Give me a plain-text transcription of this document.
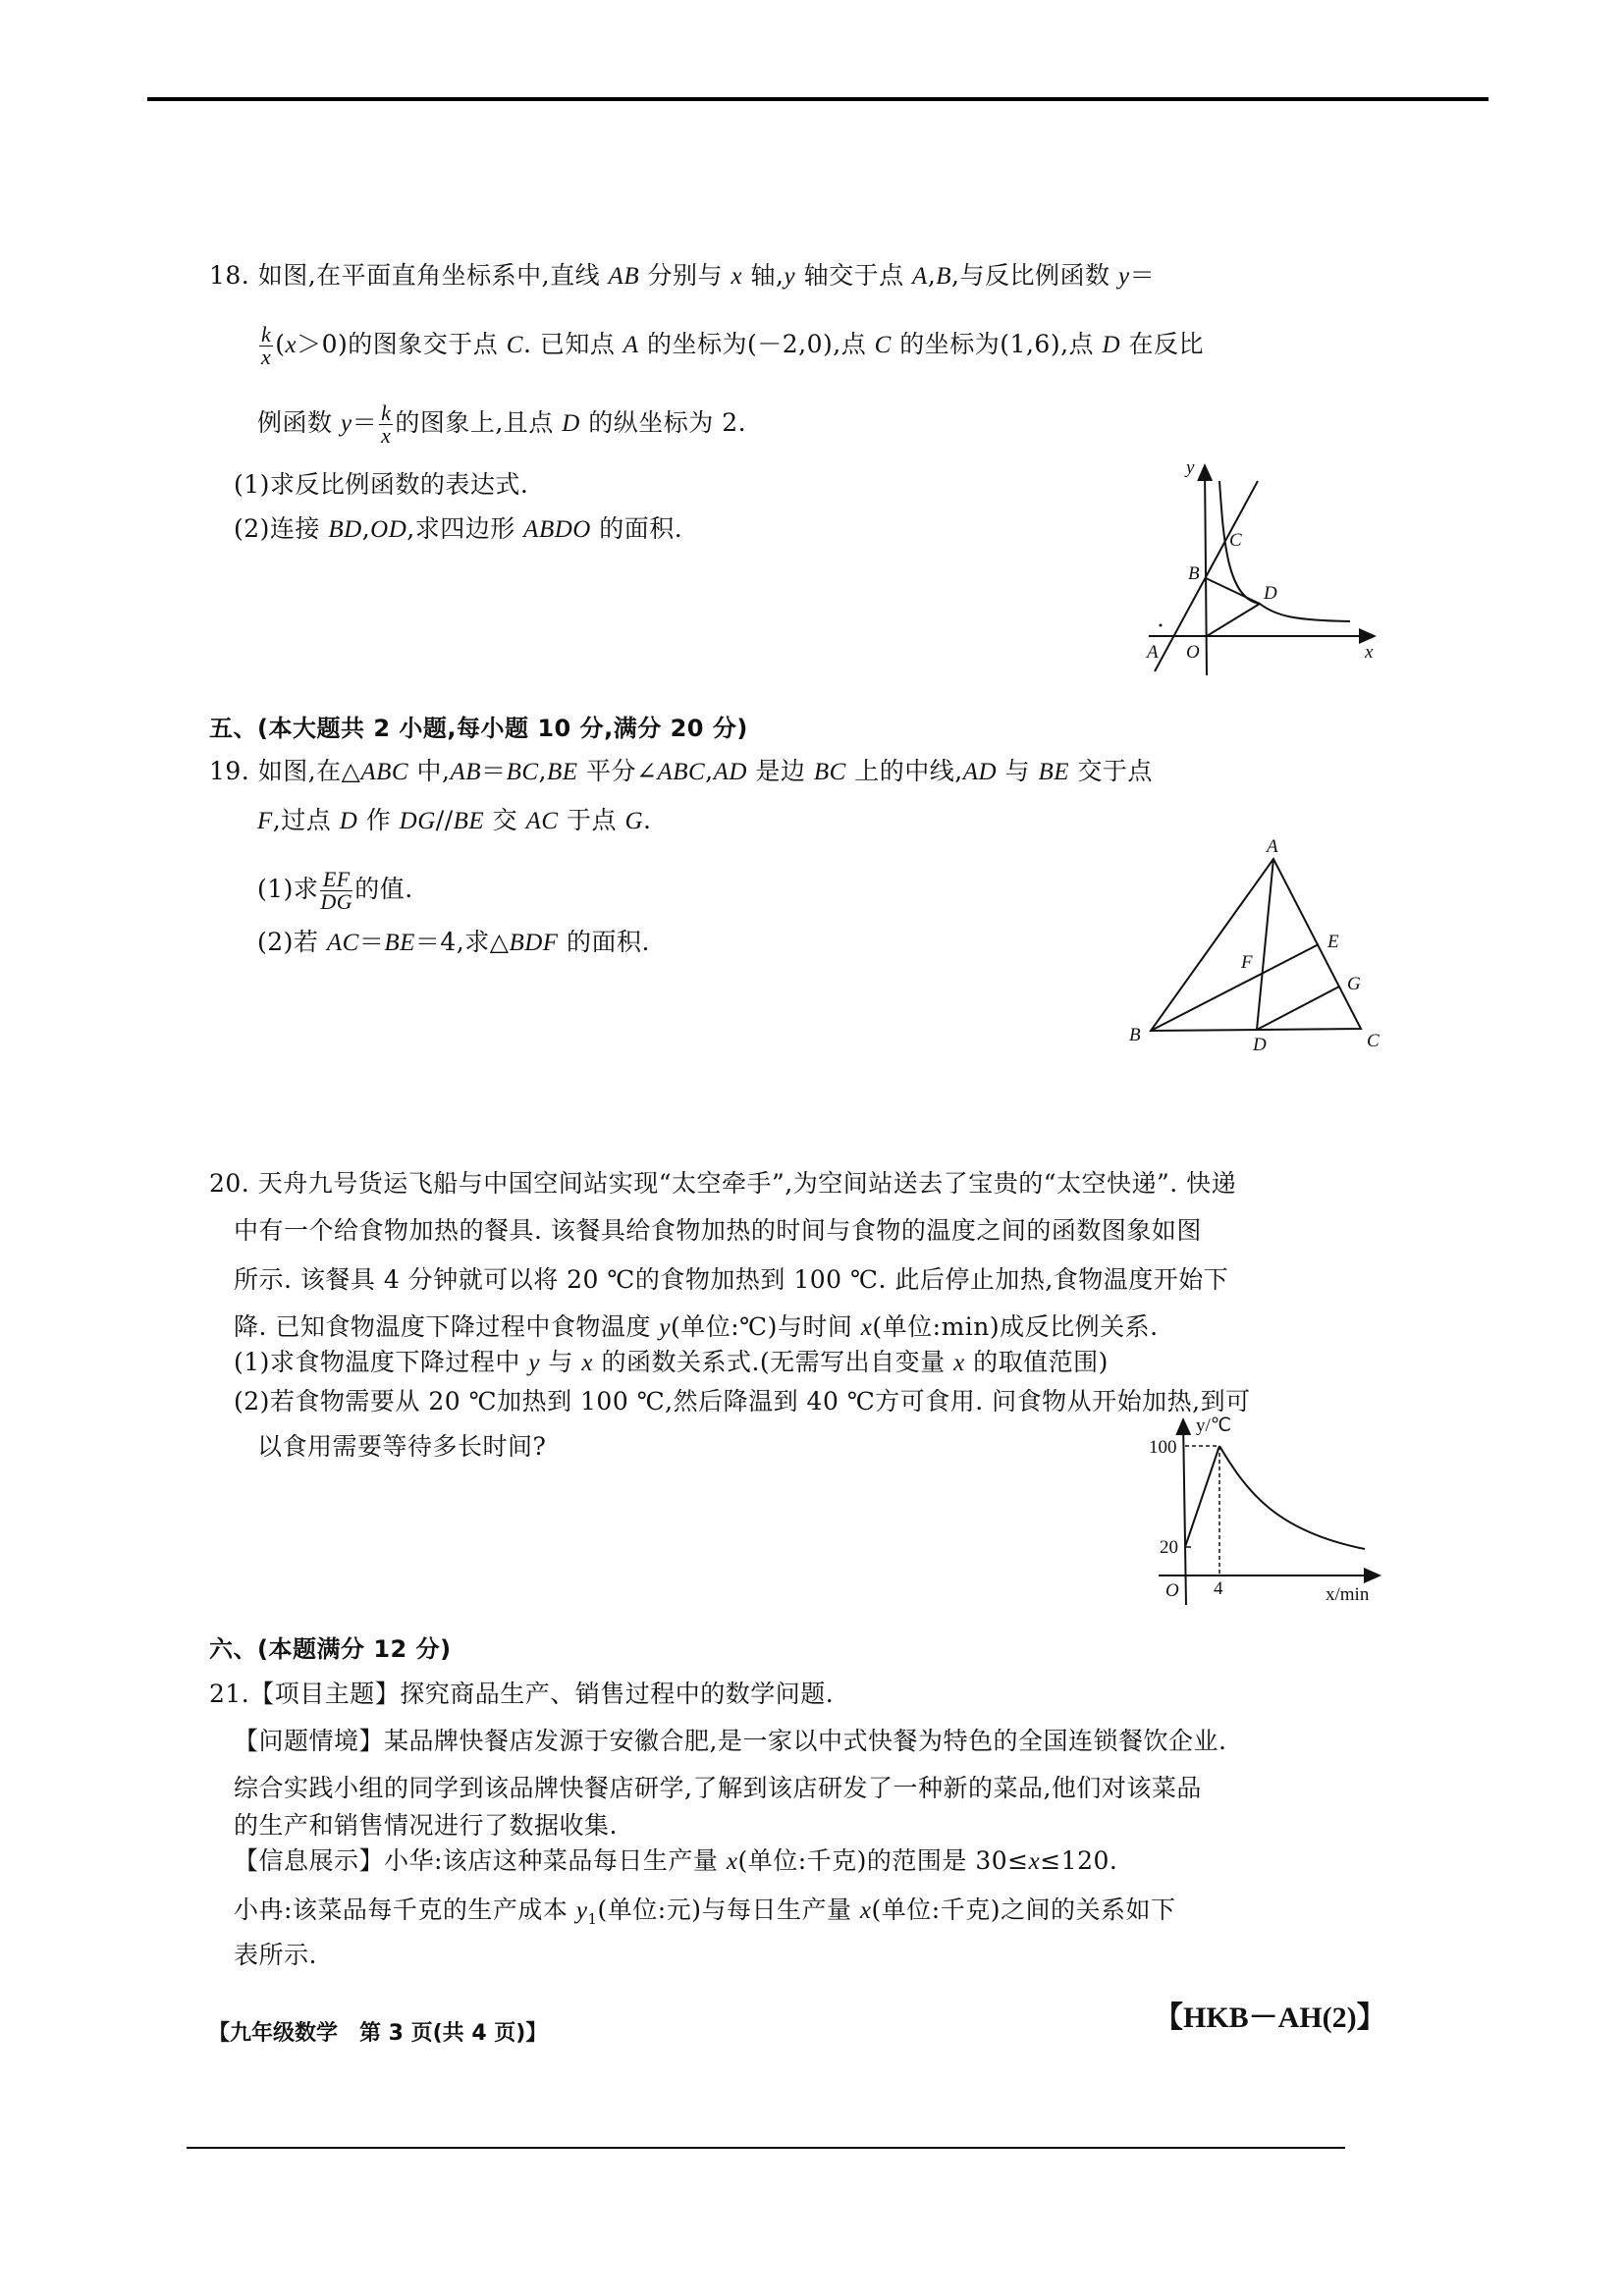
18. 如图,在平面直角坐标系中,直线 AB 分别与 x 轴,y 轴交于点 A,B,与反比例函数 y＝
$\frac{k}{x} (x>0)$的图象交于点 C. 已知点 A 的坐标为(－2,0),点 C 的坐标为(1,6),点 D 在反比
例函数 $y= \frac{k}{x}$ 的图象上,且点 D 的纵坐标为 2.
(1)求反比例函数的表达式.
(2)连接 BD,OD,求四边形 ABDO 的面积.
y
x
A
B
C
D
O
五、(本大题共 2 小题,每小题 10 分,满分 20 分)
19. 如图,在△ABC 中,AB＝BC,BE 平分∠ABC,AD 是边 BC 上的中线,AD 与 BE 交于点
F,过点 D 作 DG//BE 交 AC 于点 G.
(1)求 $\frac{EF}{DG}$ 的值.
(2)若 AC＝BE＝4,求△BDF 的面积.
A
B	C
D
E
F
G
20. 天舟九号货运飞船与中国空间站实现“太空牵手”,为空间站送去了宝贵的“太空快递”. 快递
中有一个给食物加热的餐具. 该餐具给食物加热的时间与食物的温度之间的函数图象如图
所示. 该餐具 4 分钟就可以将 20 ℃的食物加热到 100 ℃. 此后停止加热,食物温度开始下
降. 已知食物温度下降过程中食物温度 y(单位:℃)与时间 x(单位:min)成反比例关系.
(1)求食物温度下降过程中 y 与 x 的函数关系式.(无需写出自变量 x 的取值范围)
(2)若食物需要从 20 ℃加热到 100 ℃,然后降温到 40 ℃方可食用. 问食物从开始加热,到可
以食用需要等待多长时间?
y/℃
x/min
O
100
20
4
六、(本题满分 12 分)
21.【项目主题】探究商品生产、销售过程中的数学问题.
【问题情境】某品牌快餐店发源于安徽合肥,是一家以中式快餐为特色的全国连锁餐饮企业.
综合实践小组的同学到该品牌快餐店研学,了解到该店研发了一种新的菜品,他们对该菜品
的生产和销售情况进行了数据收集.
【信息展示】小华:该店这种菜品每日生产量 x(单位:千克)的范围是 30≤x≤120.
小冉:该菜品每千克的生产成本 $y_1$(单位:元)与每日生产量 x(单位:千克)之间的关系如下
表所示.
【九年级数学　第 3 页(共 4 页)】	【HKB－AH(2)】
